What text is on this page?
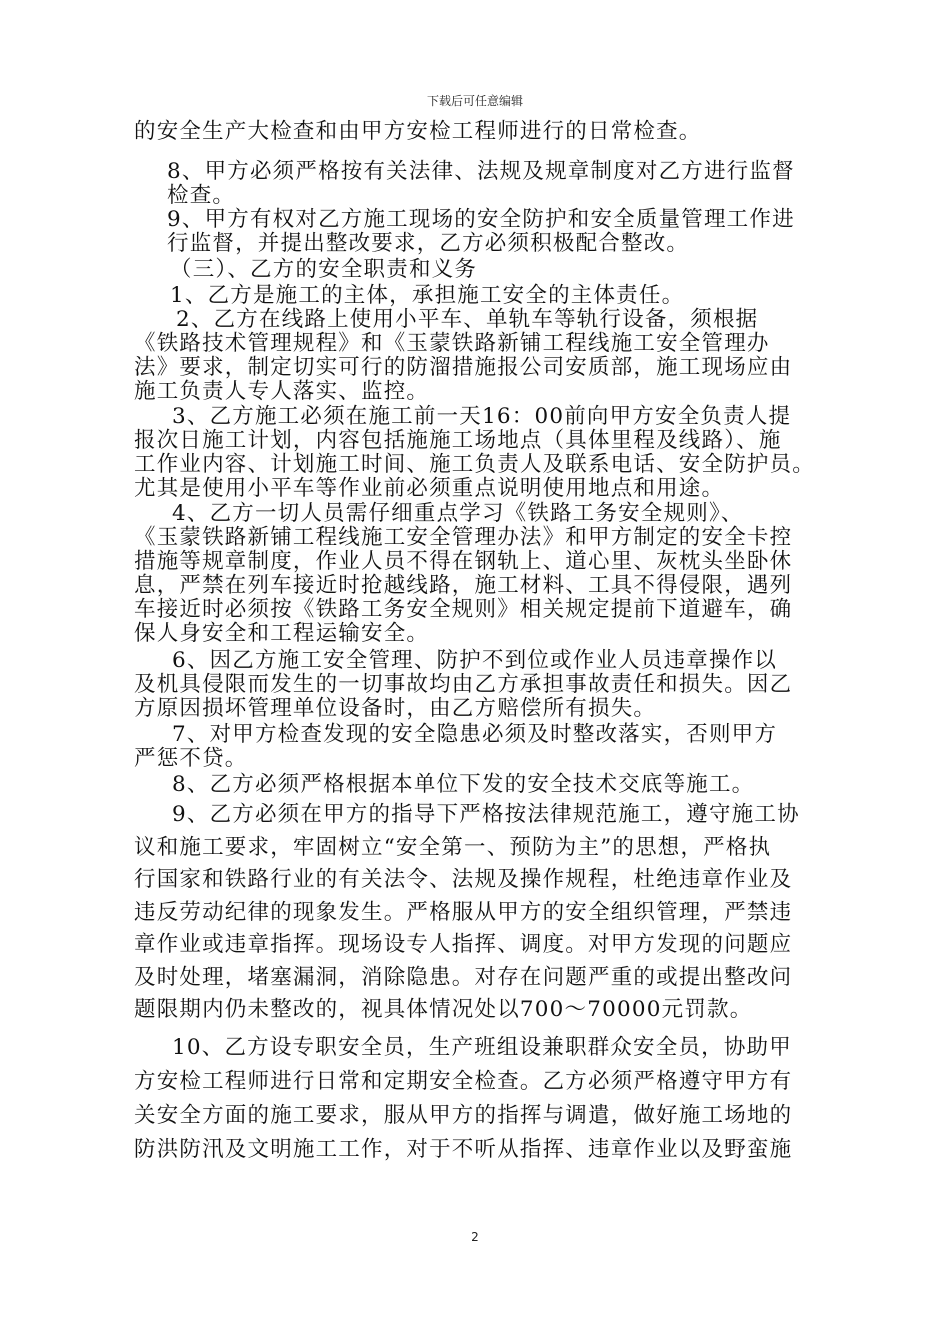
下载后可任意编辑

的安全生产大检查和由甲方安检工程师进行的日常检查。

8、甲方必须严格按有关法律、法规及规章制度对乙方进行监督

检查。

9、甲方有权对乙方施工现场的安全防护和安全质量管理工作进

行监督，并提出整改要求，乙方必须积极配合整改。

（三）、乙方的安全职责和义务

1、乙方是施工的主体，承担施工安全的主体责任。

2、乙方在线路上使用小平车、单轨车等轨行设备，须根据

《铁路技术管理规程》和《玉蒙铁路新铺工程线施工安全管理办

法》要求，制定切实可行的防溜措施报公司安质部，施工现场应由

施工负责人专人落实、监控。

3、乙方施工必须在施工前一天16：00前向甲方安全负责人提

报次日施工计划，内容包括施施工场地点（具体里程及线路）、施

工作业内容、计划施工时间、施工负责人及联系电话、安全防护员。

尤其是使用小平车等作业前必须重点说明使用地点和用途。

4、乙方一切人员需仔细重点学习《铁路工务安全规则》、

《玉蒙铁路新铺工程线施工安全管理办法》和甲方制定的安全卡控

措施等规章制度，作业人员不得在钢轨上、道心里、灰枕头坐卧休

息，严禁在列车接近时抢越线路，施工材料、工具不得侵限，遇列

车接近时必须按《铁路工务安全规则》相关规定提前下道避车，确

保人身安全和工程运输安全。

6、因乙方施工安全管理、防护不到位或作业人员违章操作以

及机具侵限而发生的一切事故均由乙方承担事故责任和损失。因乙

方原因损坏管理单位设备时，由乙方赔偿所有损失。

7、对甲方检查发现的安全隐患必须及时整改落实，否则甲方

严惩不贷。

8、乙方必须严格根据本单位下发的安全技术交底等施工。

9、乙方必须在甲方的指导下严格按法律规范施工，遵守施工协

议和施工要求，牢固树立“安全第一、预防为主”的思想，严格执

行国家和铁路行业的有关法令、法规及操作规程，杜绝违章作业及

违反劳动纪律的现象发生。严格服从甲方的安全组织管理，严禁违

章作业或违章指挥。现场设专人指挥、调度。对甲方发现的问题应

及时处理，堵塞漏洞，消除隐患。对存在问题严重的或提出整改问

题限期内仍未整改的，视具体情况处以700～70000元罚款。

10、乙方设专职安全员，生产班组设兼职群众安全员，协助甲

方安检工程师进行日常和定期安全检查。乙方必须严格遵守甲方有

关安全方面的施工要求，服从甲方的指挥与调遣，做好施工场地的

防洪防汛及文明施工工作，对于不听从指挥、违章作业以及野蛮施

2
